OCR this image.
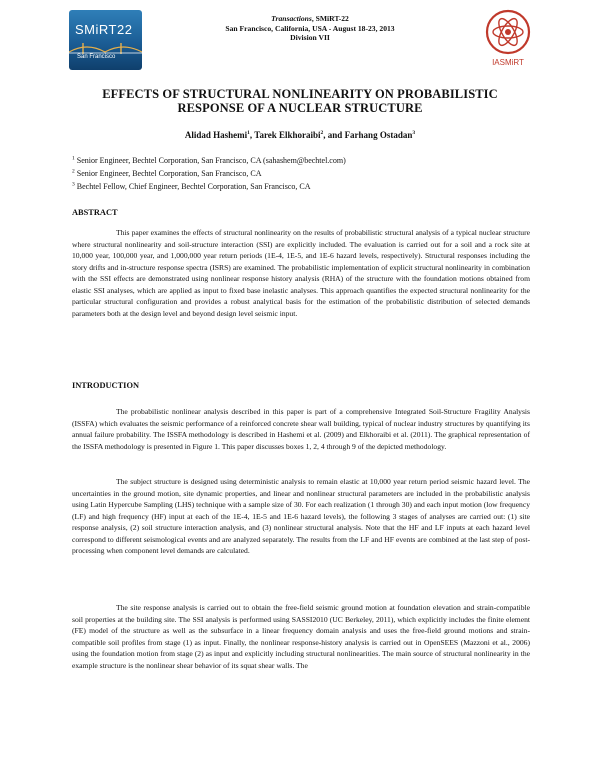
SMiRT22
San Francisco
Transactions, SMiRT-22
San Francisco, California, USA - August 18-23, 2013
Division VII
IASMiRT
EFFECTS OF STRUCTURAL NONLINEARITY ON PROBABILISTIC
RESPONSE OF A NUCLEAR STRUCTURE
Alidad Hashemi$^1$, Tarek Elkhoraibi$^2$, and Farhang Ostadan$^3$
$^1$ Senior Engineer, Bechtel Corporation, San Francisco, CA (sahashem@bechtel.com)
$^2$ Senior Engineer, Bechtel Corporation, San Francisco, CA
$^3$ Bechtel Fellow, Chief Engineer, Bechtel Corporation, San Francisco, CA
ABSTRACT

This paper examines the effects of structural nonlinearity on the results of probabilistic structural analysis of a typical nuclear structure where structural nonlinearity and soil-structure interaction (SSI) are explicitly included. The evaluation is carried out for a soil and a rock site at 10,000 year, 100,000 year, and 1,000,000 year return periods (1E-4, 1E-5, and 1E-6 hazard levels, respectively). Structural responses including the story drifts and in-structure response spectra (ISRS) are examined. The probabilistic implementation of explicit structural nonlinearity in combination with the SSI effects are demonstrated using nonlinear response history analysis (RHA) of the structure with the foundation motions obtained from elastic SSI analyses, which are applied as input to fixed base inelastic analyses. This approach quantifies the expected structural nonlinearity for the particular structural configuration and provides a robust analytical basis for the estimation of the probabilistic distribution of selected demands parameters both at the design level and beyond design level seismic input.

INTRODUCTION

The probabilistic nonlinear analysis described in this paper is part of a comprehensive Integrated Soil-Structure Fragility Analysis (ISSFA) which evaluates the seismic performance of a reinforced concrete shear wall building, typical of nuclear industry structures by quantifying its annual failure probability. The ISSFA methodology is described in Hashemi et al. (2009) and Elkhoraibi et al. (2011). The graphical representation of the ISSFA methodology is presented in Figure 1. This paper discusses boxes 1, 2, 4 through 9 of the depicted methodology.

The subject structure is designed using deterministic analysis to remain elastic at 10,000 year return period seismic hazard level. The uncertainties in the ground motion, site dynamic properties, and linear and nonlinear structural parameters are included in the probabilistic analysis using Latin Hypercube Sampling (LHS) technique with a sample size of 30. For each realization (1 through 30) and each input motion (low frequency (LF) and high frequency (HF) input at each of the 1E-4, 1E-5 and 1E-6 hazard levels), the following 3 stages of analyses are carried out: (1) site response analysis, (2) soil structure interaction analysis, and (3) nonlinear structural analysis. Note that the HF and LF inputs at each hazard level correspond to different seismological events and are analyzed separately. The results from the LF and HF events are combined at the last step of post-processing when component level demands are calculated.

The site response analysis is carried out to obtain the free-field seismic ground motion at foundation elevation and strain-compatible soil properties at the building site. The SSI analysis is performed using SASSI2010 (UC Berkeley, 2011), which explicitly includes the finite element (FE) model of the structure as well as the subsurface in a linear frequency domain analysis and uses the free-field ground motions and strain-compatible soil profiles from stage (1) as input. Finally, the nonlinear response-history analysis is carried out in OpenSEES (Mazzoni et al., 2006) using the foundation motion from stage (2) as input and explicitly including structural nonlinearities. The main source of structural nonlinearity in the example structure is the nonlinear shear behavior of its squat shear walls. The
